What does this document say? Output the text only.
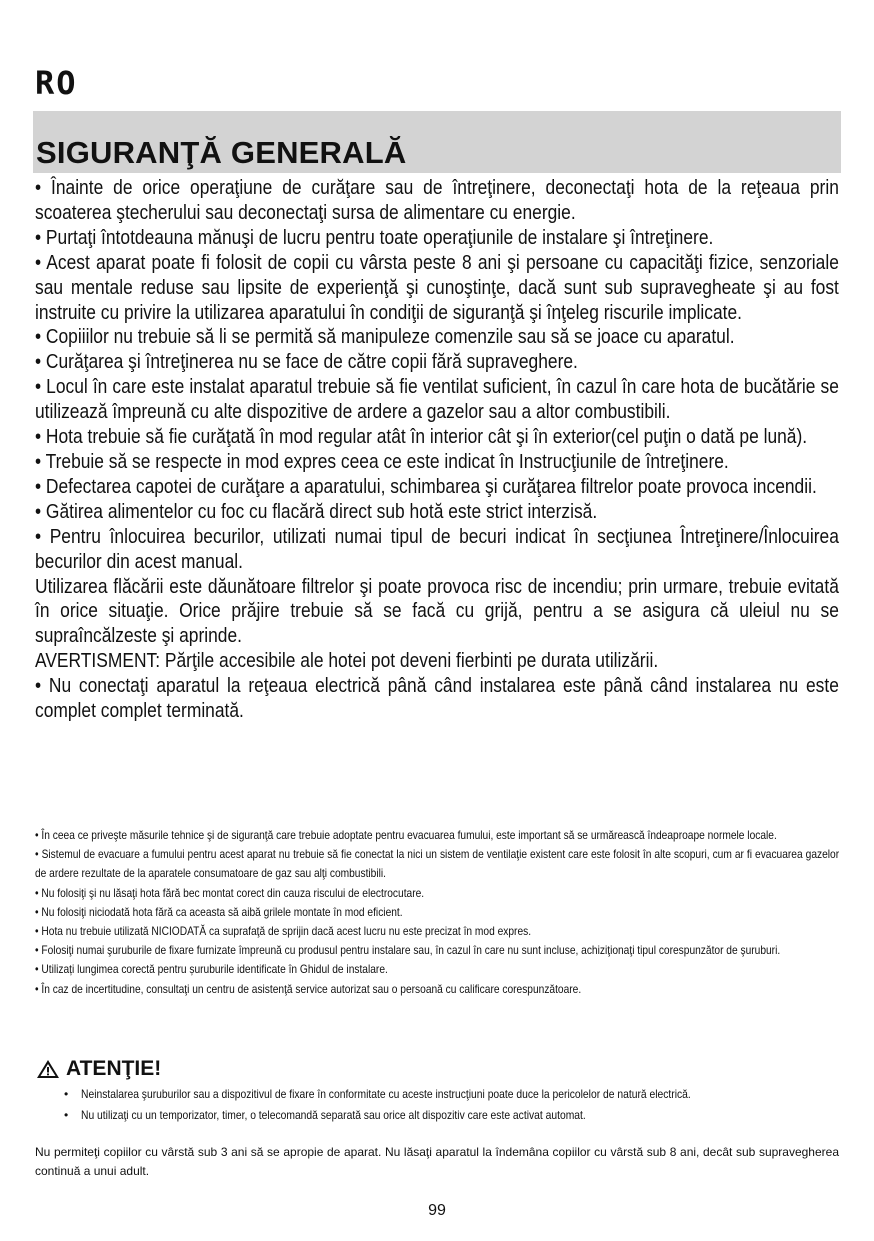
RO
SIGURANŢĂ GENERALĂ

• Înainte de orice operaţiune de curăţare sau de întreţinere, deconectaţi hota de la reţeaua prin scoaterea ştecherului sau deconectaţi sursa de alimentare cu energie.

• Purtaţi întotdeauna mănuşi de lucru pentru toate operaţiunile de instalare şi întreţinere.

• Acest aparat poate fi folosit de copii cu vârsta peste 8 ani şi persoane cu capacităţi fizice, senzoriale sau mentale reduse sau lipsite de experienţă şi cunoştinţe, dacă sunt sub supravegheate şi au fost instruite cu privire la utilizarea aparatului în condiţii de siguranţă şi înţeleg riscurile implicate.

• Copiiilor nu trebuie să li se permită să manipuleze comenzile sau să se joace cu aparatul.

• Curăţarea şi întreţinerea nu se face de către copii fără supraveghere.

• Locul în care este instalat aparatul trebuie să fie ventilat suficient, în cazul în care hota de bucătărie se utilizează împreună cu alte dispozitive de ardere a gazelor sau a altor combustibili.

• Hota trebuie să fie curăţată în mod regular atât în interior cât şi în exterior(cel puţin o dată pe lună).

• Trebuie să se respecte in mod expres ceea ce este indicat în Instrucţiunile de întreţinere.

• Defectarea capotei de curăţare a aparatului, schimbarea şi curăţarea filtrelor poate provoca incendii.

• Gătirea alimentelor cu foc cu flacără direct sub hotă este strict interzisă.

• Pentru înlocuirea becurilor, utilizati numai tipul de becuri indicat în secţiunea Întreţinere/Înlocuirea becurilor din acest manual.

Utilizarea flăcării este dăunătoare filtrelor şi poate provoca risc de incendiu; prin urmare, trebuie evitată în orice situaţie. Orice prăjire trebuie să se facă cu grijă, pentru a se asigura că uleiul nu se supraîncălzeste şi aprinde.

AVERTISMENT: Părţile accesibile ale hotei pot deveni fierbinti pe durata utilizării.

• Nu conectaţi aparatul la reţeaua electrică până când instalarea este până când instalarea nu este complet complet terminată.

• În ceea ce priveşte măsurile tehnice şi de siguranţă care trebuie adoptate pentru evacuarea fumului, este important să se urmărească îndeaproape normele locale.

• Sistemul de evacuare a fumului pentru acest aparat nu trebuie să fie conectat la nici un sistem de ventilaţie existent care este folosit în alte scopuri, cum ar fi evacuarea gazelor de ardere rezultate de la aparatele consumatoare de gaz sau alţi combustibili.

• Nu folosiţi şi nu lăsaţi hota fără bec montat corect din cauza riscului de electrocutare.

• Nu folosiţi niciodată hota fără ca aceasta să aibă grilele montate în mod eficient.

• Hota nu trebuie utilizată NICIODATĂ ca suprafaţă de sprijin dacă acest lucru nu este precizat în mod expres.

• Folosiţi numai şuruburile de fixare furnizate împreună cu produsul pentru instalare sau, în cazul în care nu sunt incluse, achiziţionaţi tipul corespunzător de şuruburi.

• Utilizați lungimea corectă pentru șuruburile identificate în Ghidul de instalare.

• În caz de incertitudine, consultaţi un centru de asistenţă service autorizat sau o persoană cu calificare corespunzătoare.

ATENŢIE!
• Neinstalarea şuruburilor sau a dispozitivul de fixare în conformitate cu aceste instrucţiuni poate duce la pericolelor de natură electrică.
• Nu utilizaţi cu un temporizator, timer, o telecomandă separată sau orice alt dispozitiv care este activat automat.

Nu permiteţi copiilor cu vârstă sub 3 ani să se apropie de aparat. Nu lăsaţi aparatul la îndemâna copiilor cu vârstă sub 8 ani, decât sub supravegherea continuă a unui adult.

99
